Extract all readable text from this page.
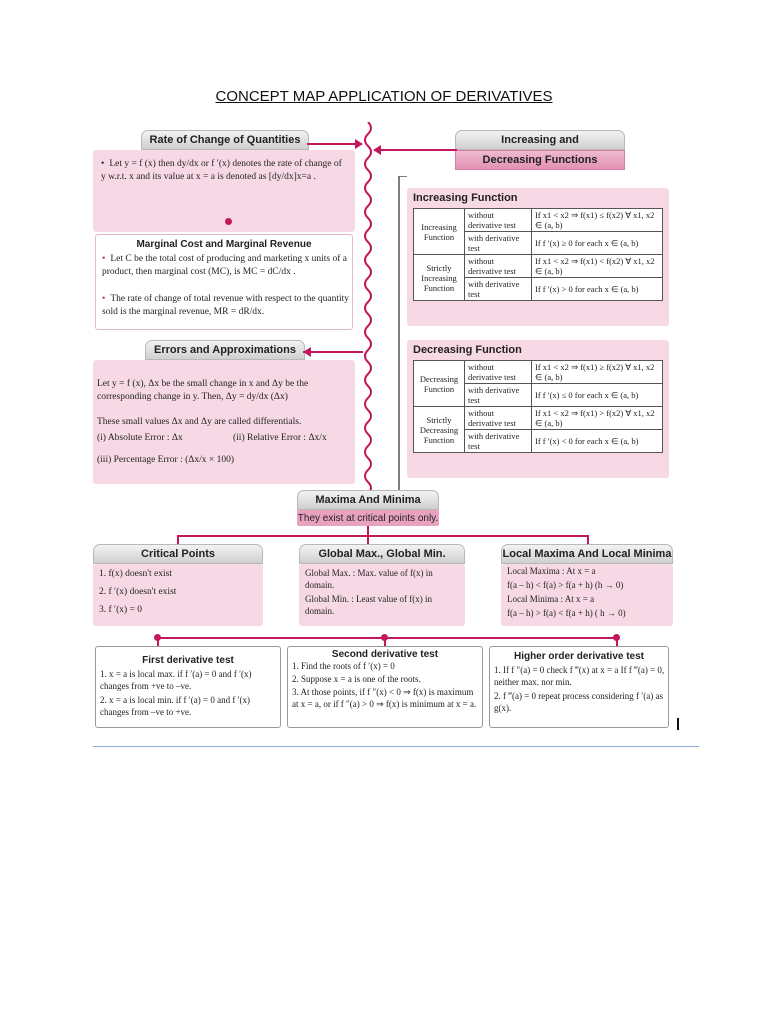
CONCEPT MAP APPLICATION OF DERIVATIVES
Rate of Change of Quantities
• Let y = f (x) then dy/dx or f ′(x) denotes the rate of change of y w.r.t. x and its value at x = a is denoted as [dy/dx]x=a .
Marginal Cost and Marginal Revenue
• Let C be the total cost of producing and marketing x units of a product, then marginal cost (MC), is MC = dC/dx .
• The rate of change of total revenue with respect to the quantity sold is the marginal revenue, MR = dR/dx.
Errors and Approximations
Let y = f (x), Δx be the small change in x and Δy be the corresponding change in y. Then, Δy = dy/dx (Δx)
These small values Δx and Δy are called differentials.
(i) Absolute Error : Δx	(ii) Relative Error : Δx/x
(iii) Percentage Error : (Δx/x × 100)
Increasing and
Decreasing Functions
Increasing Function
Increasing Function	without derivative test	If x1 < x2 ⇒ f(x1) ≤ f(x2) ∀ x1, x2 ∈ (a, b)
	with derivative test	If f ′(x) ≥ 0 for each x ∈ (a, b)
Strictly Increasing Function	without derivative test	If x1 < x2 ⇒ f(x1) < f(x2) ∀ x1, x2 ∈ (a, b)
	with derivative test	If f ′(x) > 0 for each x ∈ (a, b)
Decreasing Function
Decreasing Function	without derivative test	If x1 < x2 ⇒ f(x1) ≥ f(x2) ∀ x1, x2 ∈ (a, b)
	with derivative test	If f ′(x) ≤ 0 for each x ∈ (a, b)
Strictly Decreasing Function	without derivative test	If x1 < x2 ⇒ f(x1) > f(x2) ∀ x1, x2 ∈ (a, b)
	with derivative test	If f ′(x) < 0 for each x ∈ (a, b)
Maxima And Minima
They exist at critical points only.
Critical Points
1. f(x) doesn't exist
2. f ′(x) doesn't exist
3. f ′(x) = 0
Global Max., Global Min.
Global Max. : Max. value of f(x) in domain.
Global Min. : Least value of f(x) in domain.
Local Maxima And Local Minima
Local Maxima : At x = a
f(a – h) < f(a) > f(a + h) (h → 0)
Local Minima : At x = a
f(a – h) > f(a) < f(a + h) ( h → 0)
First derivative test
1. x = a is local max. if f ′(a) = 0 and f ′(x) changes from +ve to –ve.
2. x = a is local min. if f ′(a) = 0 and f ′(x) changes from –ve to +ve.
Second derivative test
1. Find the roots of f ′(x) = 0
2. Suppose x = a is one of the roots.
3. At those points, if f ″(x) < 0 ⇒ f(x) is maximum at x = a, or if f ″(a) > 0 ⇒ f(x) is minimum at x = a.
Higher order derivative test
1. If f ″(a) = 0 check f ‴(x) at x = a If f ‴(a) = 0, neither max. nor min.
2. f ‴(a) = 0 repeat process considering f ′(a) as g(x).
